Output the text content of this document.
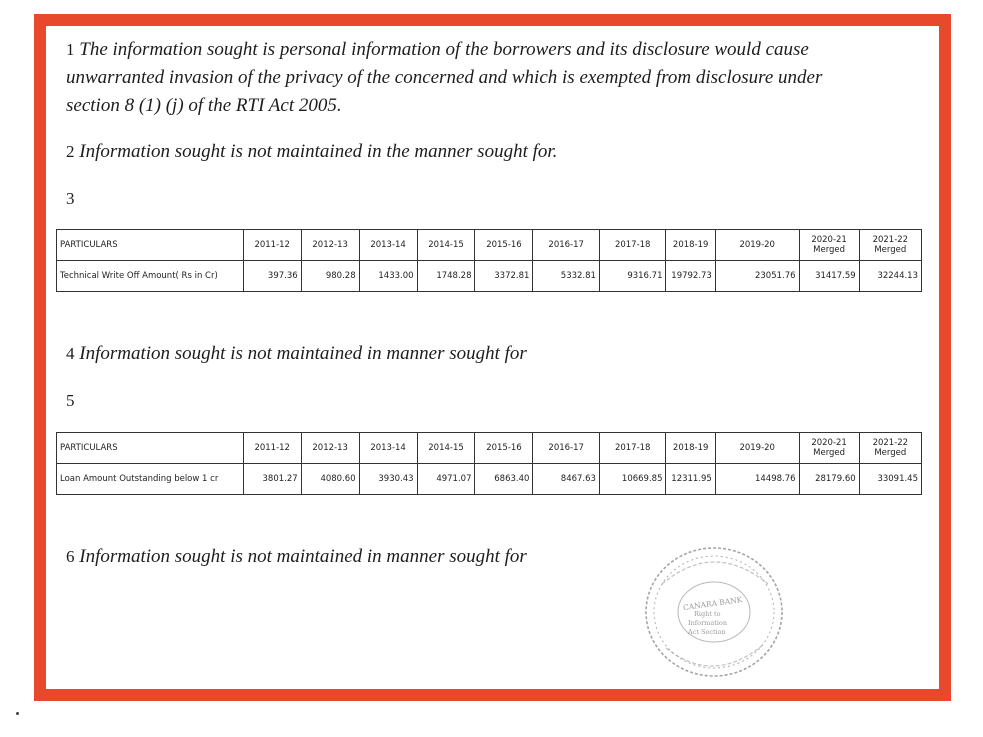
1 The information sought is personal information of the borrowers and its disclosure would cause unwarranted invasion of the privacy of the concerned and which is exempted from disclosure under section 8 (1) (j) of the RTI Act 2005.

2 Information sought is not maintained in the manner sought for.

3

PARTICULARS	2011-12	2012-13	2013-14	2014-15	2015-16	2016-17	2017-18	2018-19	2019-20	2020-21 Merged	2021-22 Merged
Technical Write Off Amount( Rs in Cr)	397.36	980.28	1433.00	1748.28	3372.81	5332.81	9316.71	19792.73	23051.76	31417.59	32244.13

4 Information sought is not maintained in manner sought for

5

PARTICULARS	2011-12	2012-13	2013-14	2014-15	2015-16	2016-17	2017-18	2018-19	2019-20	2020-21 Merged	2021-22 Merged
Loan Amount Outstanding below 1 cr	3801.27	4080.60	3930.43	4971.07	6863.40	8467.63	10669.85	12311.95	14498.76	28179.60	33091.45

6 Information sought is not maintained in manner sought for

CANARA BANK
Right to
Information
Act Section
